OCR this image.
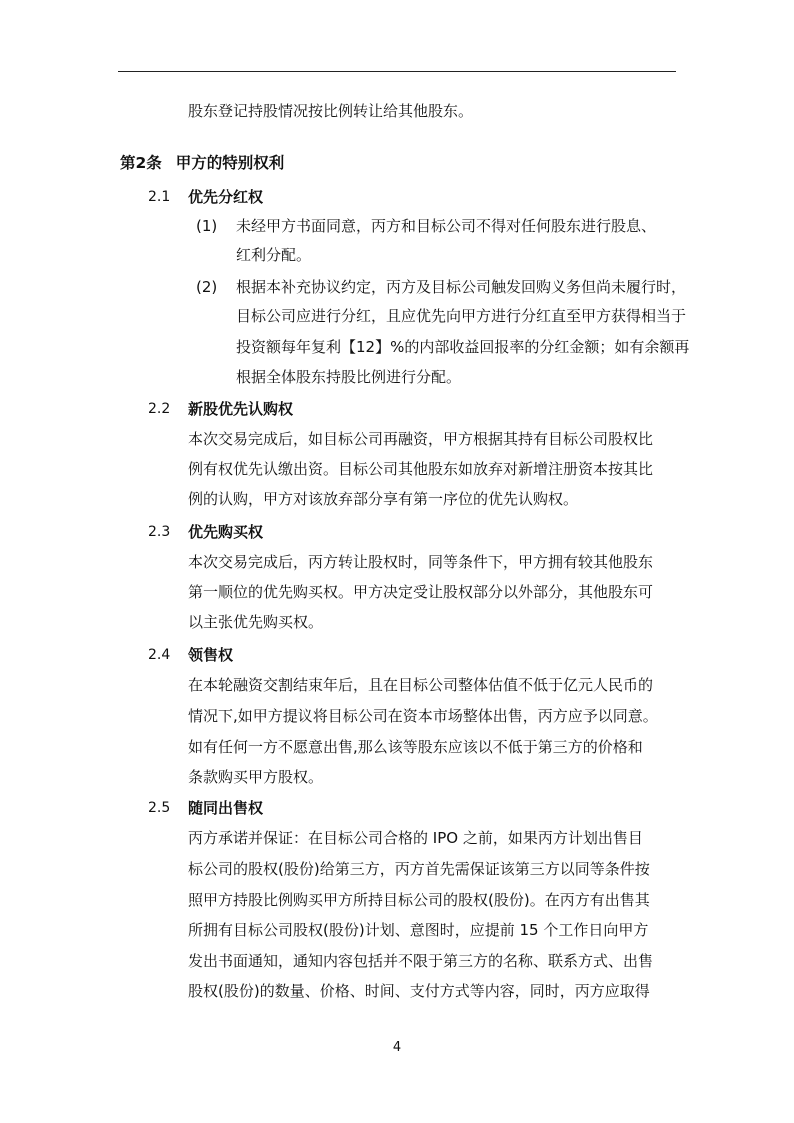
股东登记持股情况按比例转让给其他股东。
第2条 甲方的特别权利
2.1 优先分红权
(1) 未经甲方书面同意，丙方和目标公司不得对任何股东进行股息、
红利分配。
(2) 根据本补充协议约定，丙方及目标公司触发回购义务但尚未履行时，
目标公司应进行分红，且应优先向甲方进行分红直至甲方获得相当于
投资额每年复利【12】%的内部收益回报率的分红金额；如有余额再
根据全体股东持股比例进行分配。
2.2 新股优先认购权
本次交易完成后，如目标公司再融资，甲方根据其持有目标公司股权比
例有权优先认缴出资。目标公司其他股东如放弃对新增注册资本按其比
例的认购，甲方对该放弃部分享有第一序位的优先认购权。
2.3 优先购买权
本次交易完成后，丙方转让股权时，同等条件下，甲方拥有较其他股东
第一顺位的优先购买权。甲方决定受让股权部分以外部分，其他股东可
以主张优先购买权。
2.4 领售权
在本轮融资交割结束年后，且在目标公司整体估值不低于亿元人民币的
情况下,如甲方提议将目标公司在资本市场整体出售，丙方应予以同意。
如有任何一方不愿意出售,那么该等股东应该以不低于第三方的价格和
条款购买甲方股权。
2.5 随同出售权
丙方承诺并保证：在目标公司合格的 IPO 之前，如果丙方计划出售目
标公司的股权(股份)给第三方，丙方首先需保证该第三方以同等条件按
照甲方持股比例购买甲方所持目标公司的股权(股份)。在丙方有出售其
所拥有目标公司股权(股份)计划、意图时，应提前 15 个工作日向甲方
发出书面通知，通知内容包括并不限于第三方的名称、联系方式、出售
股权(股份)的数量、价格、时间、支付方式等内容，同时，丙方应取得
4
